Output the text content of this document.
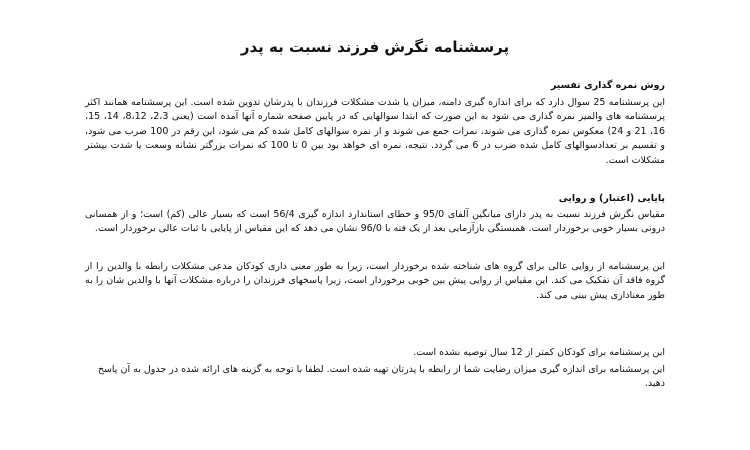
پرسشنامه نگرش فرزند نسبت به پدر
روش نمره گذاری تفسیر

این پرسشنامه 25 سوال دارد که برای اندازه گیری دامنه، میزان یا شدت مشکلات فرزندان با پدرشان تدوین شده است. این پرسشنامه همانند اکثر پرسشنامه های والمیر نمره گذاری می شود به این صورت که ابتدا سوالهایی که در پایین صفحه شماره آنها آمده است (یعنی 2،3، 8،12، 14، 15، 16، 21 و 24) معکوس نمره گذاری می شوند، نمرات جمع می شوند و از نمره سوالهای کامل شده کم می شود، این رقم در 100 ضرب می شود، و تقسیم بر تعدادسوالهای کامل شده ضرب در 6 می گردد. نتیجه، نمره ای خواهد بود بین 0 تا 100 که نمرات بزرگتر نشانه وسعت یا شدت بیشتر مشکلات است.

پایایی (اعتبار) و روایی

مقیاس نگرش فرزند نسبت به پدر دارای میانگین آلفای 95/0 و خطای استاندارد اندازه گیری 56/4 است که بسیار عالی (کم) است؛ و از همسانی درونی بسیار خوبی برخوردار است. همبستگی بازآزمایی بعد از یک فته با 96/0 نشان می دهد که این مقیاس از پایایی با ثبات عالی برخوردار است.

این پرسشنامه از روایی عالی برای گروه های شناخته شده برخوردار است، زیرا به طور معنی داری کودکان مدعی مشکلات رابطه با والدین را از گروه فاقد آن تفکیک می کند. این مقیاس از روایی پیش بین خوبی برخوردار است، زیرا پاسخهای فرزندان را درباره مشکلات آنها با والدین شان را به طور معناداری پیش بینی می کند.

این پرسشنامه برای کودکان کمتر از 12 سال توصیه نشده است.

این پرسشنامه برای اندازه گیری میزان رضایت شما از رابطه با پدرتان تهیه شده است. لطفا با توجه به گزینه های ارائه شده در جدول به آن پاسخ دهید.
